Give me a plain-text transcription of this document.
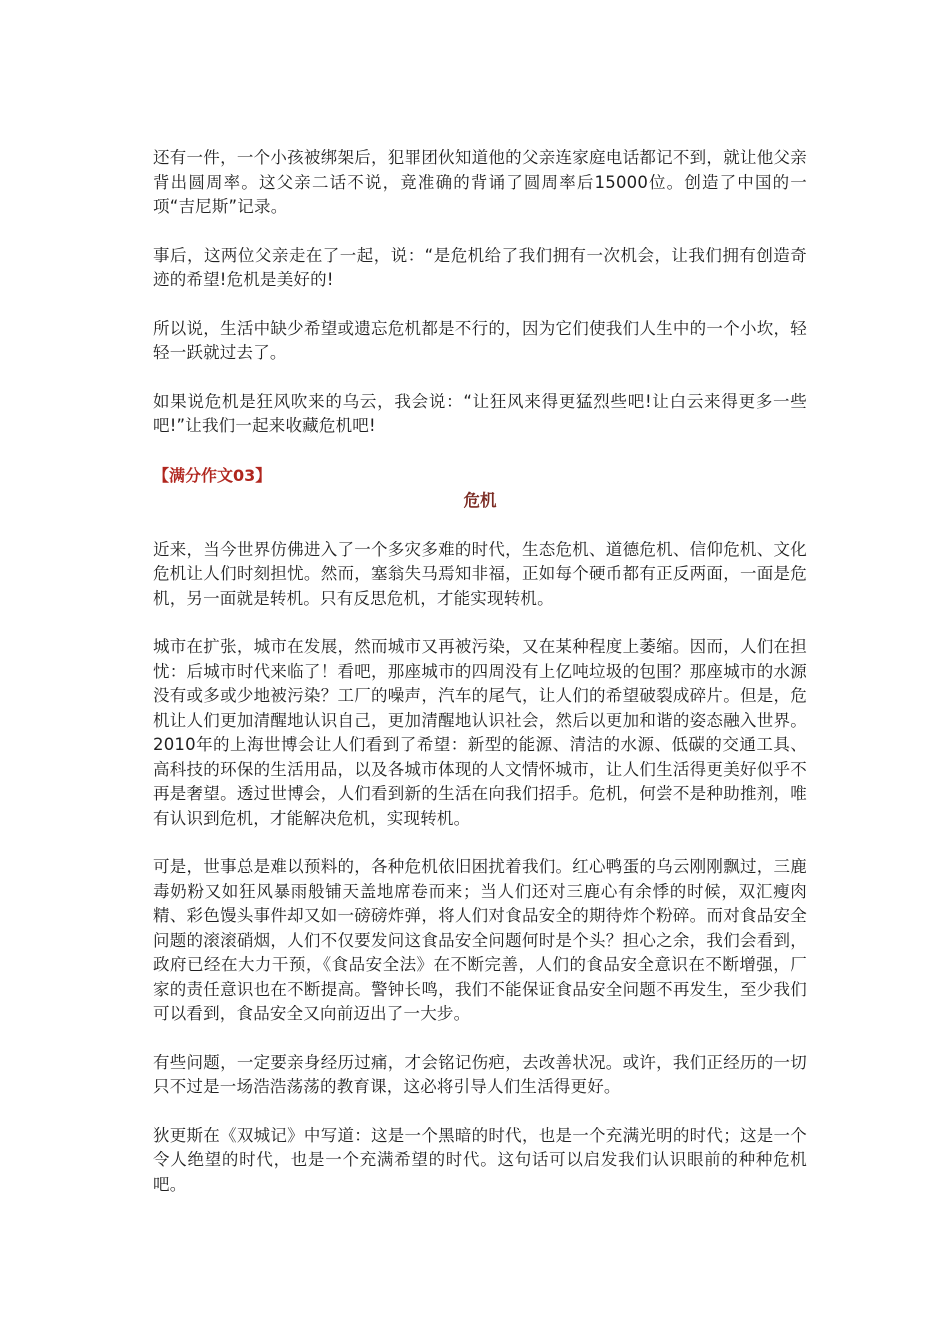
还有一件，一个小孩被绑架后，犯罪团伙知道他的父亲连家庭电话都记不到，就让他父亲背出圆周率。这父亲二话不说，竟准确的背诵了圆周率后15000位。创造了中国的一项“吉尼斯”记录。

事后，这两位父亲走在了一起，说：“是危机给了我们拥有一次机会，让我们拥有创造奇迹的希望!危机是美好的!

所以说，生活中缺少希望或遗忘危机都是不行的，因为它们使我们人生中的一个小坎，轻轻一跃就过去了。

如果说危机是狂风吹来的乌云，我会说：“让狂风来得更猛烈些吧!让白云来得更多一些吧!”让我们一起来收藏危机吧!

【满分作文03】

危机

近来，当今世界仿佛进入了一个多灾多难的时代，生态危机、道德危机、信仰危机、文化危机让人们时刻担忧。然而，塞翁失马焉知非福，正如每个硬币都有正反两面，一面是危机，另一面就是转机。只有反思危机，才能实现转机。

城市在扩张，城市在发展，然而城市又再被污染，又在某种程度上萎缩。因而，人们在担忧：后城市时代来临了！看吧，那座城市的四周没有上亿吨垃圾的包围？那座城市的水源没有或多或少地被污染？工厂的噪声，汽车的尾气，让人们的希望破裂成碎片。但是，危机让人们更加清醒地认识自己，更加清醒地认识社会，然后以更加和谐的姿态融入世界。2010年的上海世博会让人们看到了希望：新型的能源、清洁的水源、低碳的交通工具、高科技的环保的生活用品，以及各城市体现的人文情怀城市，让人们生活得更美好似乎不再是奢望。透过世博会，人们看到新的生活在向我们招手。危机，何尝不是种助推剂，唯有认识到危机，才能解决危机，实现转机。

可是，世事总是难以预料的，各种危机依旧困扰着我们。红心鸭蛋的乌云刚刚飘过，三鹿毒奶粉又如狂风暴雨般铺天盖地席卷而来；当人们还对三鹿心有余悸的时候，双汇瘦肉精、彩色馒头事件却又如一磅磅炸弹，将人们对食品安全的期待炸个粉碎。而对食品安全问题的滚滚硝烟，人们不仅要发问这食品安全问题何时是个头？担心之余，我们会看到，政府已经在大力干预，《食品安全法》在不断完善，人们的食品安全意识在不断增强，厂家的责任意识也在不断提高。警钟长鸣，我们不能保证食品安全问题不再发生，至少我们可以看到，食品安全又向前迈出了一大步。

有些问题，一定要亲身经历过痛，才会铭记伤疤，去改善状况。或许，我们正经历的一切只不过是一场浩浩荡荡的教育课，这必将引导人们生活得更好。

狄更斯在《双城记》中写道：这是一个黑暗的时代，也是一个充满光明的时代；这是一个令人绝望的时代，也是一个充满希望的时代。这句话可以启发我们认识眼前的种种危机吧。
